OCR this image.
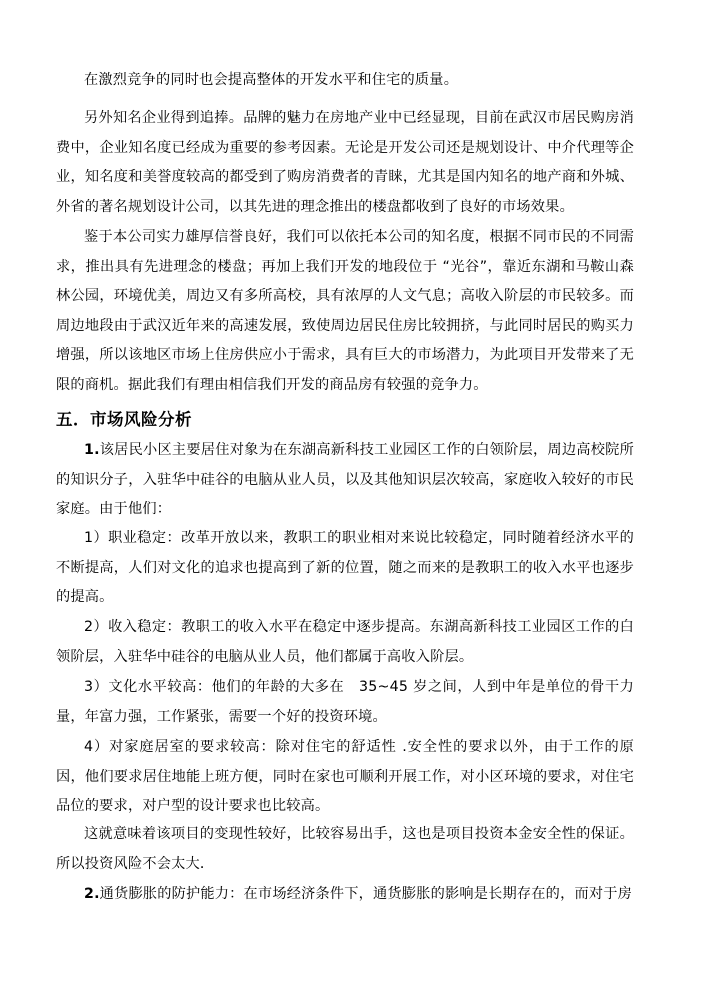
在激烈竞争的同时也会提高整体的开发水平和住宅的质量。
另外知名企业得到追捧。品牌的魅力在房地产业中已经显现，目前在武汉市居民购房消费中，企业知名度已经成为重要的参考因素。无论是开发公司还是规划设计、中介代理等企业，知名度和美誉度较高的都受到了购房消费者的青睐，尤其是国内知名的地产商和外城、外省的著名规划设计公司，以其先进的理念推出的楼盘都收到了良好的市场效果。
鉴于本公司实力雄厚信誉良好，我们可以依托本公司的知名度，根据不同市民的不同需求，推出具有先进理念的楼盘；再加上我们开发的地段位于 “光谷”，靠近东湖和马鞍山森林公园，环境优美，周边又有多所高校，具有浓厚的人文气息；高收入阶层的市民较多。而周边地段由于武汉近年来的高速发展，致使周边居民住房比较拥挤，与此同时居民的购买力增强，所以该地区市场上住房供应小于需求，具有巨大的市场潜力，为此项目开发带来了无限的商机。据此我们有理由相信我们开发的商品房有较强的竞争力。
五．市场风险分析
1.该居民小区主要居住对象为在东湖高新科技工业园区工作的白领阶层，周边高校院所的知识分子，入驻华中硅谷的电脑从业人员，以及其他知识层次较高，家庭收入较好的市民家庭。由于他们：
1）职业稳定：改革开放以来，教职工的职业相对来说比较稳定，同时随着经济水平的不断提高，人们对文化的追求也提高到了新的位置，随之而来的是教职工的收入水平也逐步的提高。
2）收入稳定：教职工的收入水平在稳定中逐步提高。东湖高新科技工业园区工作的白领阶层，入驻华中硅谷的电脑从业人员，他们都属于高收入阶层。
3）文化水平较高：他们的年龄的大多在　35~45 岁之间，人到中年是单位的骨干力量，年富力强，工作紧张，需要一个好的投资环境。
4）对家庭居室的要求较高：除对住宅的舒适性 .安全性的要求以外，由于工作的原因，他们要求居住地能上班方便，同时在家也可顺利开展工作，对小区环境的要求，对住宅品位的要求，对户型的设计要求也比较高。
这就意味着该项目的变现性较好，比较容易出手，这也是项目投资本金安全性的保证。所以投资风险不会太大．
2.通货膨胀的防护能力：在市场经济条件下，通货膨胀的影响是长期存在的，而对于房
